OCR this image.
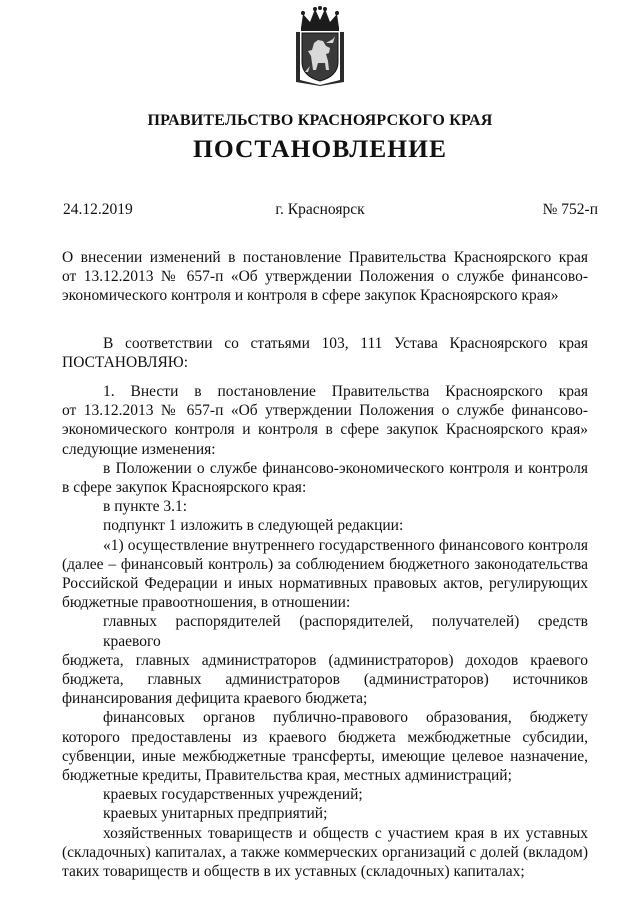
ПРАВИТЕЛЬСТВО КРАСНОЯРСКОГО КРАЯ
ПОСТАНОВЛЕНИЕ
24.12.2019	г. Красноярск	№ 752-п
О внесении изменений в постановление Правительства Красноярского края
от 13.12.2013 № 657-п «Об утверждении Положения о службе финансово-
экономического контроля и контроля в сфере закупок Красноярского края»
В соответствии со статьями 103, 111 Устава Красноярского края
ПОСТАНОВЛЯЮ:
1. Внести в постановление Правительства Красноярского края
от 13.12.2013 № 657-п «Об утверждении Положения о службе финансово-
экономического контроля и контроля в сфере закупок Красноярского края»
следующие изменения:
в Положении о службе финансово-экономического контроля и контроля
в сфере закупок Красноярского края:
в пункте 3.1:
подпункт 1 изложить в следующей редакции:
«1) осуществление внутреннего государственного финансового контроля
(далее – финансовый контроль) за соблюдением бюджетного законодательства
Российской Федерации и иных нормативных правовых актов, регулирующих
бюджетные правоотношения, в отношении:
главных распорядителей (распорядителей, получателей) средств краевого
бюджета, главных администраторов (администраторов) доходов краевого
бюджета, главных администраторов (администраторов) источников
финансирования дефицита краевого бюджета;
финансовых органов публично-правового образования, бюджету
которого предоставлены из краевого бюджета межбюджетные субсидии,
субвенции, иные межбюджетные трансферты, имеющие целевое назначение,
бюджетные кредиты, Правительства края, местных администраций;
краевых государственных учреждений;
краевых унитарных предприятий;
хозяйственных товариществ и обществ с участием края в их уставных
(складочных) капиталах, а также коммерческих организаций с долей (вкладом)
таких товариществ и обществ в их уставных (складочных) капиталах;
